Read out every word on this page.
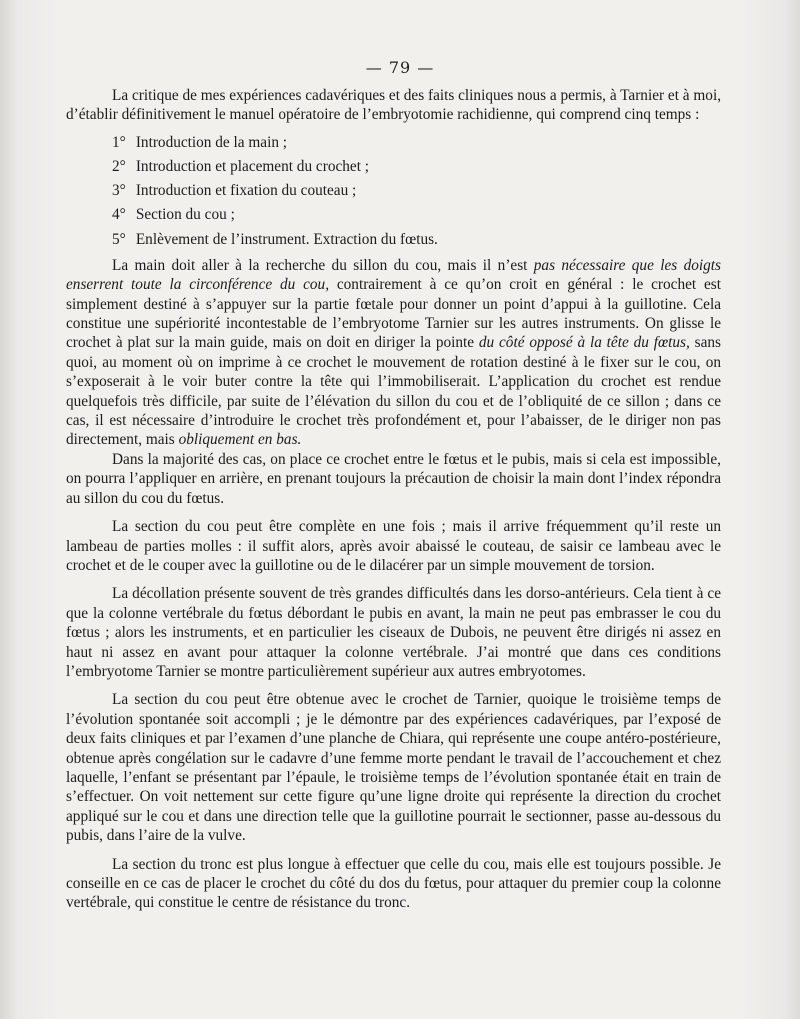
— 79 —

La critique de mes expériences cadavériques et des faits cliniques nous a permis, à Tarnier et à moi, d’établir définitivement le manuel opératoire de l’embryotomie rachidienne, qui comprend cinq temps :

1° Introduction de la main ;
2° Introduction et placement du crochet ;
3° Introduction et fixation du couteau ;
4° Section du cou ;
5° Enlèvement de l’instrument. Extraction du fœtus.

La main doit aller à la recherche du sillon du cou, mais il n’est pas nécessaire que les doigts enserrent toute la circonférence du cou, contrairement à ce qu’on croit en général : le crochet est simplement destiné à s’appuyer sur la partie fœtale pour donner un point d’appui à la guillotine. Cela constitue une supériorité incontestable de l’embryotome Tarnier sur les autres instruments. On glisse le crochet à plat sur la main guide, mais on doit en diriger la pointe du côté opposé à la tête du fœtus, sans quoi, au moment où on imprime à ce crochet le mouvement de rotation destiné à le fixer sur le cou, on s’exposerait à le voir buter contre la tête qui l’immobiliserait. L’application du crochet est rendue quelquefois très difficile, par suite de l’élévation du sillon du cou et de l’obliquité de ce sillon ; dans ce cas, il est nécessaire d’introduire le crochet très profondément et, pour l’abaisser, de le diriger non pas directement, mais obliquement en bas.

Dans la majorité des cas, on place ce crochet entre le fœtus et le pubis, mais si cela est impossible, on pourra l’appliquer en arrière, en prenant toujours la précaution de choisir la main dont l’index répondra au sillon du cou du fœtus.

La section du cou peut être complète en une fois ; mais il arrive fréquemment qu’il reste un lambeau de parties molles : il suffit alors, après avoir abaissé le couteau, de saisir ce lambeau avec le crochet et de le couper avec la guillotine ou de le dilacérer par un simple mouvement de torsion.

La décollation présente souvent de très grandes difficultés dans les dorso-antérieurs. Cela tient à ce que la colonne vertébrale du fœtus débordant le pubis en avant, la main ne peut pas embrasser le cou du fœtus ; alors les instruments, et en particulier les ciseaux de Dubois, ne peuvent être dirigés ni assez en haut ni assez en avant pour attaquer la colonne vertébrale. J’ai montré que dans ces conditions l’embryotome Tarnier se montre particulièrement supérieur aux autres embryotomes.

La section du cou peut être obtenue avec le crochet de Tarnier, quoique le troisième temps de l’évolution spontanée soit accompli ; je le démontre par des expériences cadavériques, par l’exposé de deux faits cliniques et par l’examen d’une planche de Chiara, qui représente une coupe antéro-postérieure, obtenue après congélation sur le cadavre d’une femme morte pendant le travail de l’accouchement et chez laquelle, l’enfant se présentant par l’épaule, le troisième temps de l’évolution spontanée était en train de s’effectuer. On voit nettement sur cette figure qu’une ligne droite qui représente la direction du crochet appliqué sur le cou et dans une direction telle que la guillotine pourrait le sectionner, passe au-dessous du pubis, dans l’aire de la vulve.

La section du tronc est plus longue à effectuer que celle du cou, mais elle est toujours possible. Je conseille en ce cas de placer le crochet du côté du dos du fœtus, pour attaquer du premier coup la colonne vertébrale, qui constitue le centre de résistance du tronc.
